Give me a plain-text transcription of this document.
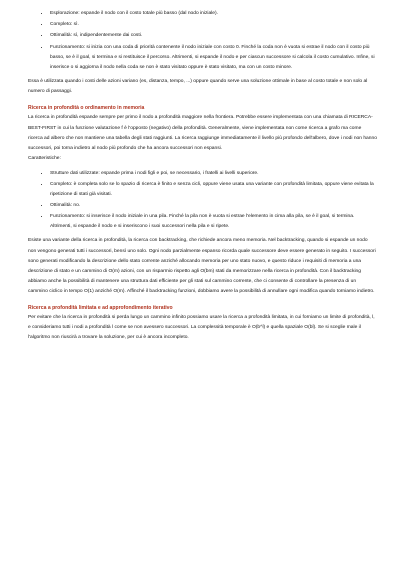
• Esplorazione: espande il nodo con il costo totale più basso (dal nodo iniziale).
• Completo: sì.
• Ottimalità: sì, indipendentemente dai costi.
• Funzionamento: si inizia con una coda di priorità contenente il nodo iniziale con costo 0. Finché la coda non è vuota si estrae il nodo con il costo più basso, se è il goal, si termina e si restituisce il percorso. Altrimenti, si espande il nodo e per ciascun successore si calcola il costo cumulativo. Infine, si inserisce o si aggiorna il nodo nella coda se non è stato visitato oppure è stato visitato, ma con un costo minore.

Essa è utilizzata quando i costi delle azioni variano (es, distanza, tempo, ...) oppure quando serve una soluzione ottimale in base al costo totale e non solo al numero di passaggi.

Ricerca in profondità o ordinamento in memoria

La ricerca in profondità espande sempre per primo il nodo a profondità maggiore nella frontiera. Potrebbe essere implementata con una chiamata di RICERCA-BEST-FIRST in cui la funzione valutazione f è l'opposto (negativo) della profondità. Generalmente, viene implementata non come ricerca a grafo ma come ricerca ad albero che non mantiene una tabella degli stati raggiunti. La ricerca raggiunge immediatamente il livello più profondo dell'albero, dove i nodi non hanno successori, poi torna indietro al nodo più profondo che ha ancora successori non espansi.

Caratteristiche:

• Strutture dati utilizzate: espande prima i nodi figli e poi, se necessario, i fratelli ai livelli superiore.
• Completo: è completa solo se lo spazio di ricerca è finito e senza cicli, oppure viene usata una variante con profondità limitata, oppure viene evitata la ripetizione di stati già visitati.
• Ottimalità: no.
• Funzionamento: si inserisce il nodo iniziale in una pila. Finché la pila non è vuota si estrae l'elemento in cima alla pila, se è il goal, si termina. Altrimenti, si espande il nodo e si inseriscono i suoi successori nella pila e si ripete.

Esiste una variante della ricerca in profondità, la ricerca con backtracking, che richiede ancora meno memoria. Nel backtracking, quando si espande un nodo non vengono generati tutti i successori, bensì uno solo. Ogni nodo parzialmente espanso ricorda quale successore deve essere generato in seguito. I successori sono generati modificando la descrizione dello stato corrente anziché allocando memoria per uno stato nuovo, e questo riduce i requisiti di memoria a una descrizione di stato e un cammino di O(m) azioni, con un risparmio rispetto agli O(bm) stati da memorizzare nella ricerca in profondità. Con il backtracking abbiamo anche la possibilità di mantenere una struttura dati efficiente per gli stati sul cammino corrente, che ci consente di controllare la presenza di un cammino ciclico in tempo O(1) anziché O(m). Affinché il backtracking funzioni, dobbiamo avere la possibilità di annullare ogni modifica quando torniamo indietro.

Ricerca a profondità limitata e ad approfondimento iterativo

Per evitare che la ricerca in profondità si perda lungo un cammino infinito possiamo usare la ricerca a profondità limitata, in cui forniamo un limite di profondità, l, e consideriamo tutti i nodi a profondità l come se non avessero successori. La complessità temporale è O(b^l) e quella spaziale O(bl). Se si sceglie male il l'algoritmo non riuscirà a trovare la soluzione, per cui è ancora incompleto.
